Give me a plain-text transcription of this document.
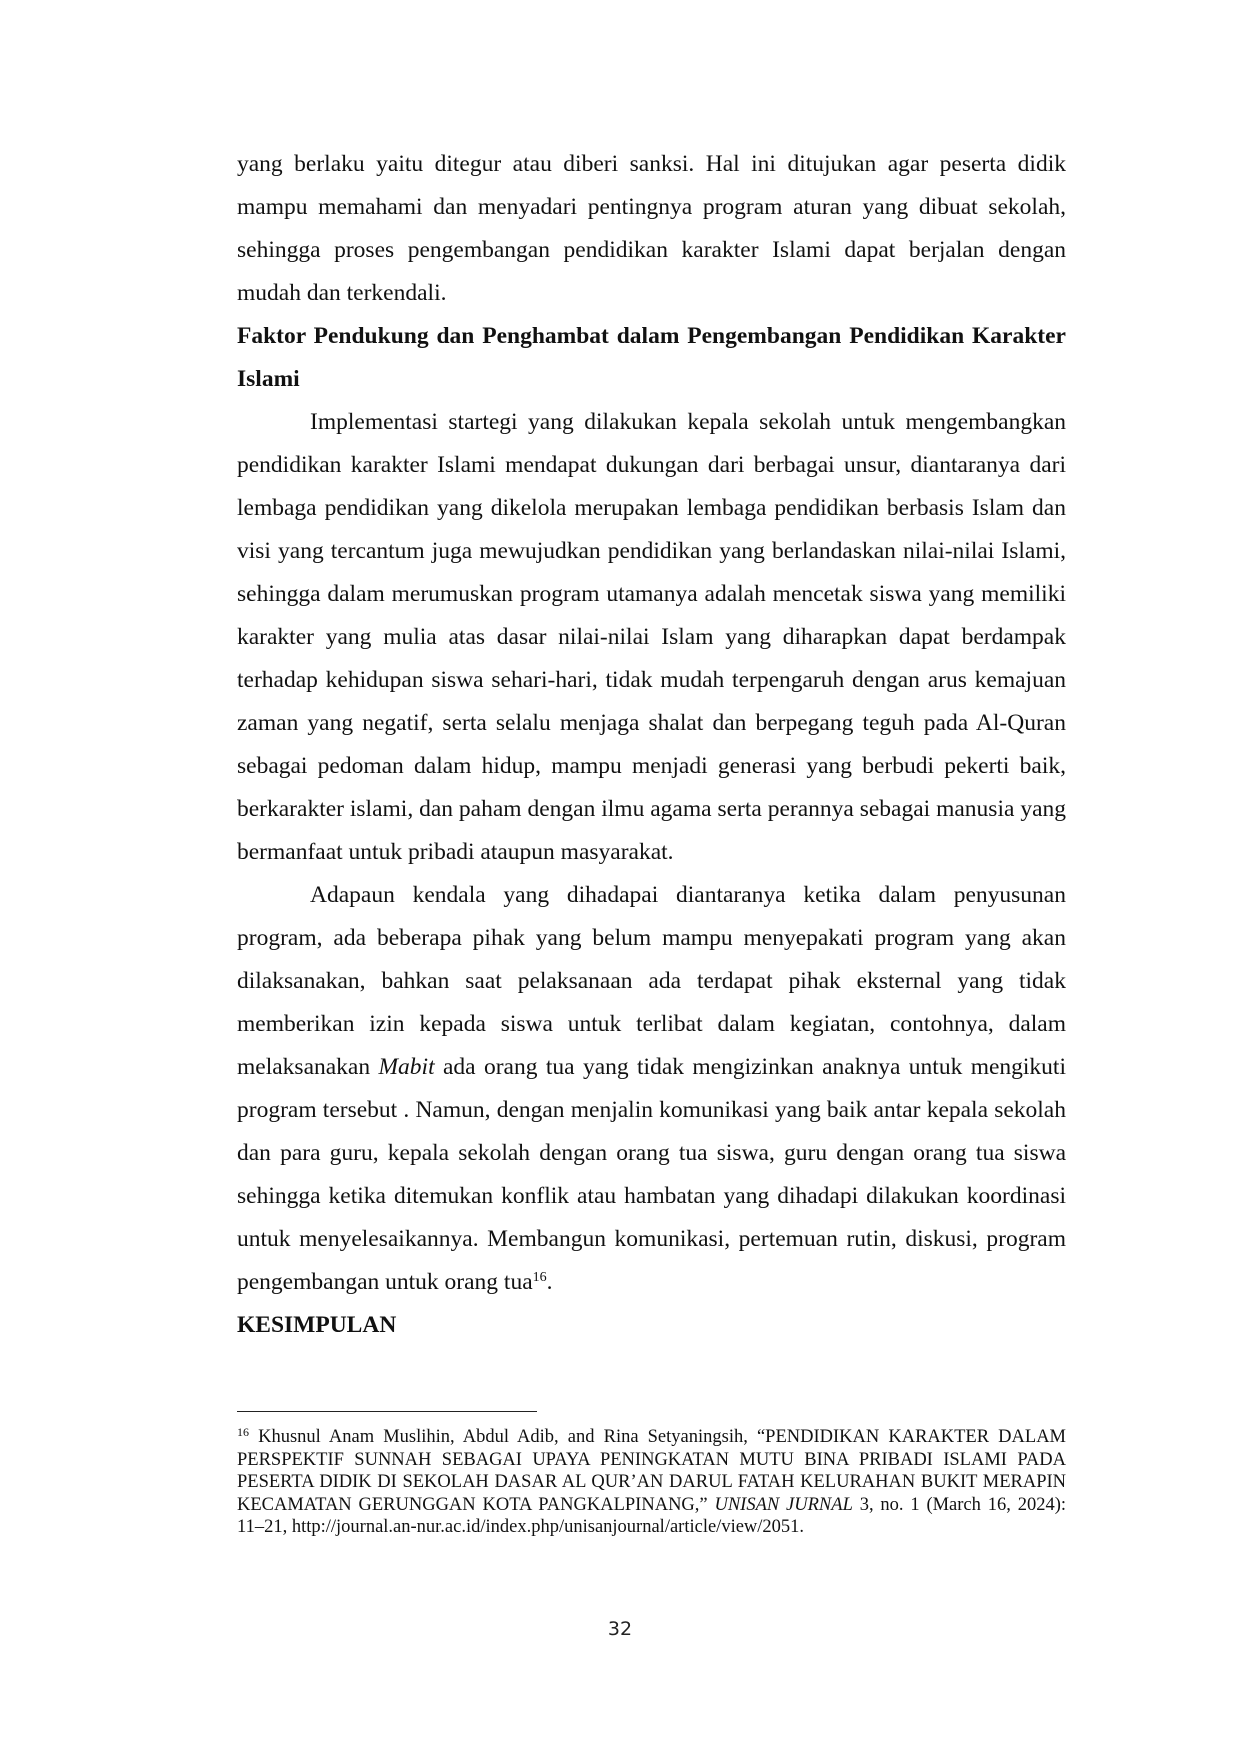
yang berlaku yaitu ditegur atau diberi sanksi. Hal ini ditujukan agar peserta didik mampu memahami dan menyadari pentingnya program aturan yang dibuat sekolah, sehingga proses pengembangan pendidikan karakter Islami dapat berjalan dengan mudah dan terkendali.

Faktor Pendukung dan Penghambat dalam Pengembangan Pendidikan Karakter Islami

Implementasi startegi yang dilakukan kepala sekolah untuk mengembangkan pendidikan karakter Islami mendapat dukungan dari berbagai unsur, diantaranya dari lembaga pendidikan yang dikelola merupakan lembaga pendidikan berbasis Islam dan visi yang tercantum juga mewujudkan pendidikan yang berlandaskan nilai-nilai Islami, sehingga dalam merumuskan program utamanya adalah mencetak siswa yang memiliki karakter yang mulia atas dasar nilai-nilai Islam yang diharapkan dapat berdampak terhadap kehidupan siswa sehari-hari, tidak mudah terpengaruh dengan arus kemajuan zaman yang negatif, serta selalu menjaga shalat dan berpegang teguh pada Al-Quran sebagai pedoman dalam hidup, mampu menjadi generasi yang berbudi pekerti baik, berkarakter islami, dan paham dengan ilmu agama serta perannya sebagai manusia yang bermanfaat untuk pribadi ataupun masyarakat.

Adapaun kendala yang dihadapai diantaranya ketika dalam penyusunan program, ada beberapa pihak yang belum mampu menyepakati program yang akan dilaksanakan, bahkan saat pelaksanaan ada terdapat pihak eksternal yang tidak memberikan izin kepada siswa untuk terlibat dalam kegiatan, contohnya, dalam melaksanakan Mabit ada orang tua yang tidak mengizinkan anaknya untuk mengikuti program tersebut . Namun, dengan menjalin komunikasi yang baik antar kepala sekolah dan para guru, kepala sekolah dengan orang tua siswa, guru dengan orang tua siswa sehingga ketika ditemukan konflik atau hambatan yang dihadapi dilakukan koordinasi untuk menyelesaikannya. Membangun komunikasi, pertemuan rutin, diskusi, program pengembangan untuk orang tua$^{16}$.

KESIMPULAN

$^{16}$ Khusnul Anam Muslihin, Abdul Adib, and Rina Setyaningsih, “PENDIDIKAN KARAKTER DALAM PERSPEKTIF SUNNAH SEBAGAI UPAYA PENINGKATAN MUTU BINA PRIBADI ISLAMI PADA PESERTA DIDIK DI SEKOLAH DASAR AL QUR’AN DARUL FATAH KELURAHAN BUKIT MERAPIN KECAMATAN GERUNGGAN KOTA PANGKALPINANG,” UNISAN JURNAL 3, no. 1 (March 16, 2024): 11–21, http://journal.an-nur.ac.id/index.php/unisanjournal/article/view/2051.
32
